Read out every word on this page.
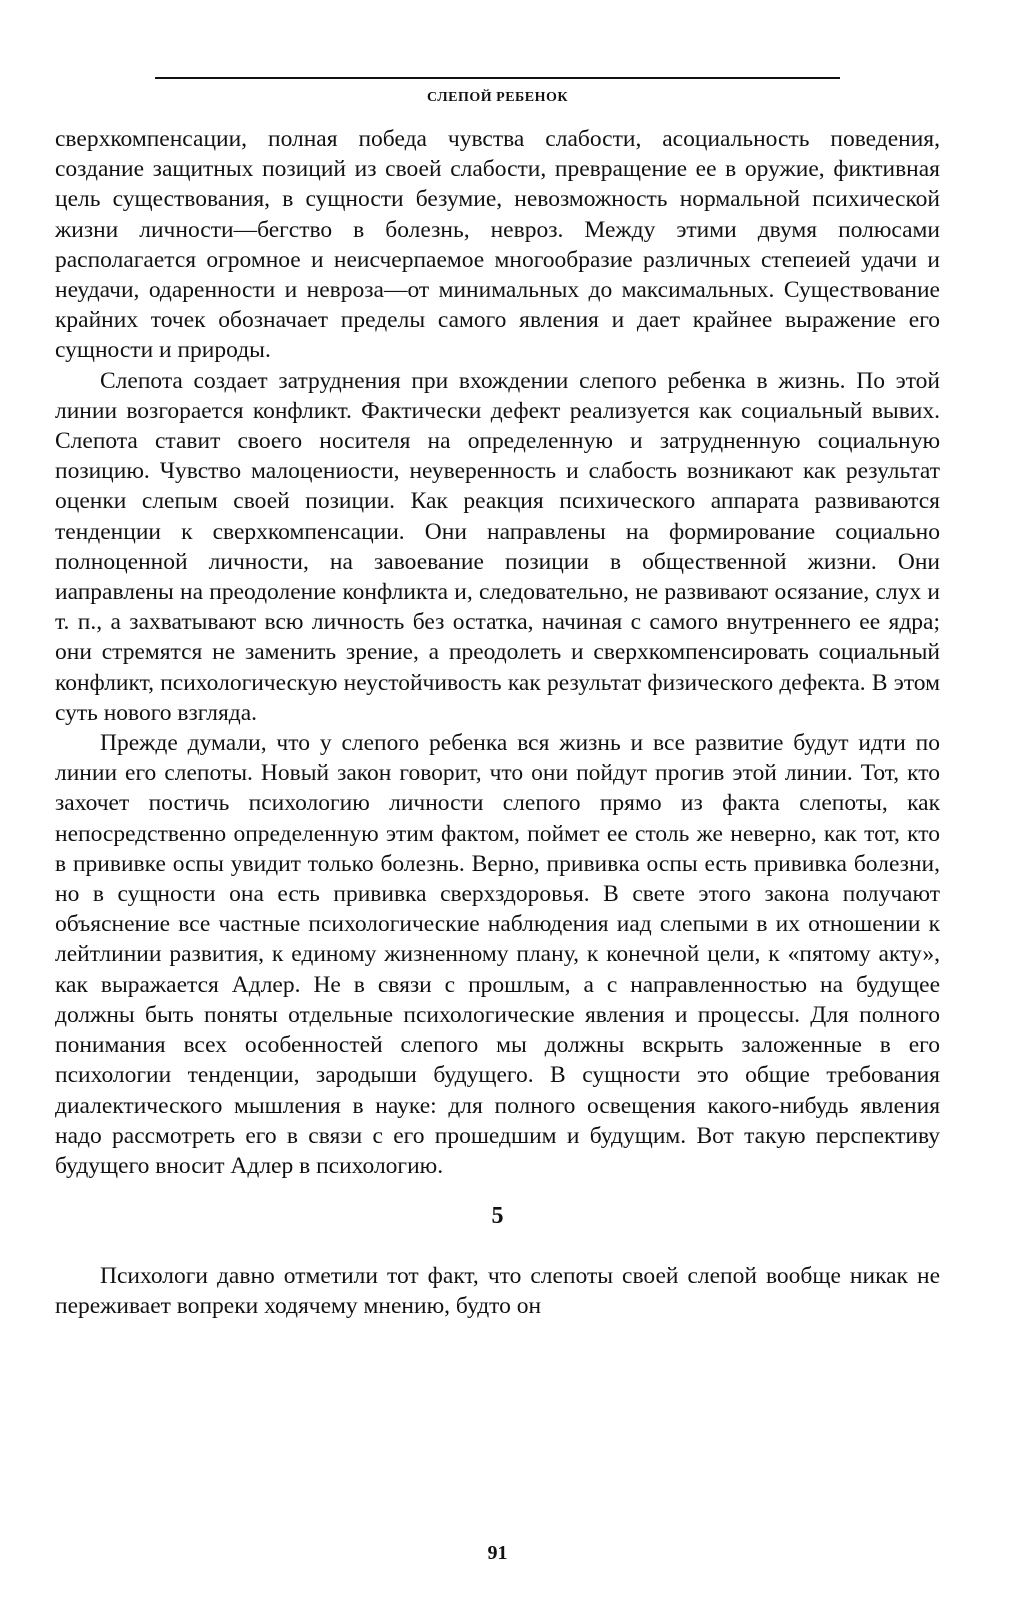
СЛЕПОЙ РЕБЕНОК

сверхкомпенсации, полная победа чувства слабости, асоциальность поведения, создание защитных позиций из своей слабости, превращение ее в оружие, фиктивная цель существования, в сущности безумие, невозможность нормальной психической жизни личности—бегство в болезнь, невроз. Между этими двумя полюсами располагается огромное и неисчерпаемое многообразие различных степеией удачи и неудачи, одаренности и невроза—от минимальных до максимальных. Существование крайних точек обозначает пределы самого явления и дает крайнее выражение его сущности и природы.

Слепота создает затруднения при вхождении слепого ребенка в жизнь. По этой линии возгорается конфликт. Фактически дефект реализуется как социальный вывих. Слепота ставит своего носителя на определенную и затрудненную социальную позицию. Чувство малоцениости, неуверенность и слабость возникают как результат оценки слепым своей позиции. Как реакция психического аппарата развиваются тенденции к сверхкомпенсации. Они направлены на формирование социально полноценной личности, на завоевание позиции в общественной жизни. Они иаправлены на преодоление конфликта и, следовательно, не развивают осязание, слух и т. п., а захватывают всю личность без остатка, начиная с самого внутреннего ее ядра; они стремятся не заменить зрение, а преодолеть и сверхкомпенсировать социальный конфликт, психологическую неустойчивость как результат физического дефекта. В этом суть нового взгляда.

Прежде думали, что у слепого ребенка вся жизнь и все развитие будут идти по линии его слепоты. Новый закон говорит, что они пойдут прогив этой линии. Тот, кто захочет постичь психологию личности слепого прямо из факта слепоты, как непосредственно определенную этим фактом, поймет ее столь же неверно, как тот, кто в прививке оспы увидит только болезнь. Верно, прививка оспы есть прививка болезни, но в сущности она есть прививка сверхздоровья. В свете этого закона получают объяснение все частные психологические наблюдения иад слепыми в их отношении к лейтлинии развития, к единому жизненному плану, к конечной цели, к «пятому акту», как выражается Адлер. Не в связи с прошлым, а с направленностью на будущее должны быть поняты отдельные психологические явления и процессы. Для полного понимания всех особенностей слепого мы должны вскрыть заложенные в его психологии тенденции, зародыши будущего. В сущности это общие требования диалектического мышления в науке: для полного освещения какого-нибудь явления надо рассмотреть его в связи с его прошедшим и будущим. Вот такую перспективу будущего вносит Адлер в психологию.

5

Психологи давно отметили тот факт, что слепоты своей слепой вообще никак не переживает вопреки ходячему мнению, будто он

91
